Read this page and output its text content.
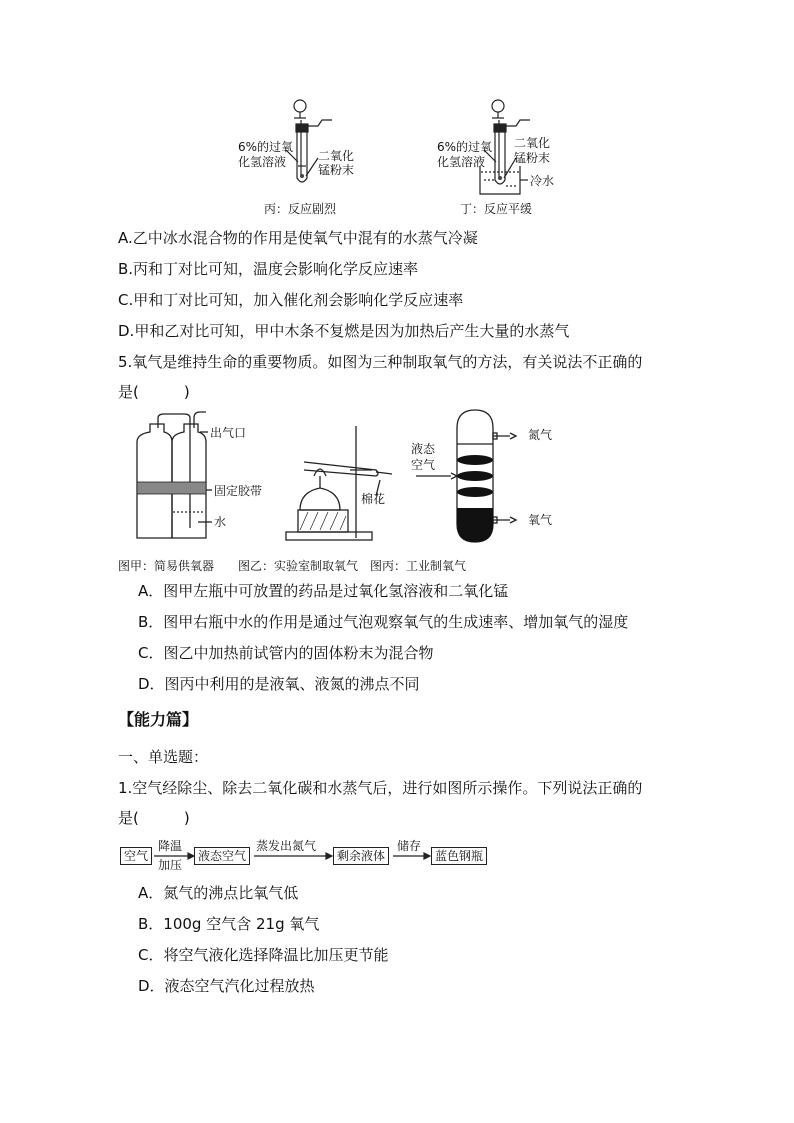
6%的过氧
化氢溶液	二氧化
锰粉末
丙：反应剧烈
6%的过氧
化氢溶液
二氧化
锰粉末
冷水
丁：反应平缓
A.乙中冰水混合物的作用是使氧气中混有的水蒸气冷凝
B.丙和丁对比可知，温度会影响化学反应速率
C.甲和丁对比可知，加入催化剂会影响化学反应速率
D.甲和乙对比可知，甲中木条不复燃是因为加热后产生大量的水蒸气
5.氧气是维持生命的重要物质。如图为三种制取氧气的方法，有关说法不正确的
是(　　　)
出气口
固定胶带
水
棉花
液态
空气
氮气
氧气
图甲：简易供氧器　　图乙：实验室制取氧气　图丙：工业制氧气
A．图甲左瓶中可放置的药品是过氧化氢溶液和二氧化锰
B．图甲右瓶中水的作用是通过气泡观察氧气的生成速率、增加氧气的湿度
C．图乙中加热前试管内的固体粉末为混合物
D．图丙中利用的是液氧、液氮的沸点不同
【能力篇】
一、单选题：
1.空气经除尘、除去二氧化碳和水蒸气后，进行如图所示操作。下列说法正确的
是(　　　)
空气
降温
加压
液态空气
蒸发出氮气
剩余液体
储存
蓝色钢瓶
A．氮气的沸点比氧气低
B．100g 空气含 21g 氧气
C．将空气液化选择降温比加压更节能
D．液态空气汽化过程放热
